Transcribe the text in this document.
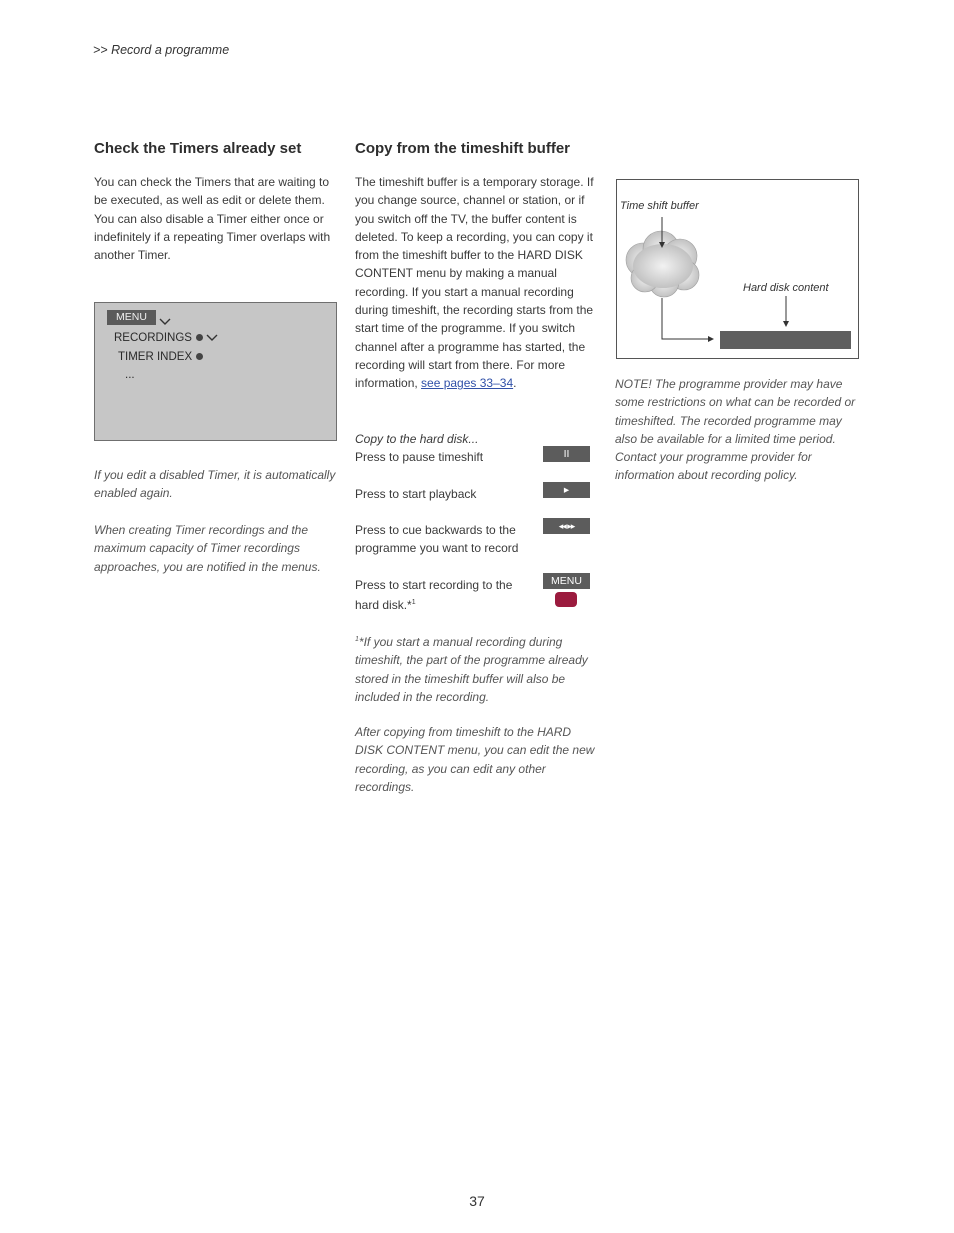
>> Record a programme
Check the Timers already set
You can check the Timers that are waiting to be executed, as well as edit or delete them. You can also disable a Timer either once or indefinitely if a repeating Timer overlaps with another Timer.
MENU
RECORDINGS
TIMER INDEX
...
If you edit a disabled Timer, it is automatically enabled again.
When creating Timer recordings and the maximum capacity of Timer recordings approaches, you are notified in the menus.
Copy from the timeshift buffer
The timeshift buffer is a temporary storage. If you change source, channel or station, or if you switch off the TV, the buffer content is deleted. To keep a recording, you can copy it from the timeshift buffer to the HARD DISK CONTENT menu by making a manual recording. If you start a manual recording during timeshift, the recording starts from the start time of the programme. If you switch channel after a programme has started, the recording will start from there. For more information, see pages 33–34.
Copy to the hard disk...
Press to pause timeshift	II
Press to start playback	▸
Press to cue backwards to the programme you want to record
◂◂ ▸▸
Press to start recording to the hard disk.*$^1$
MENU
$^1$*If you start a manual recording during timeshift, the part of the programme already stored in the timeshift buffer will also be included in the recording.
After copying from timeshift to the HARD DISK CONTENT menu, you can edit the new recording, as you can edit any other recordings.
Time shift buffer
Hard disk content
NOTE! The programme provider may have some restrictions on what can be recorded or timeshifted. The recorded programme may also be available for a limited time period. Contact your programme provider for information about recording policy.
37
